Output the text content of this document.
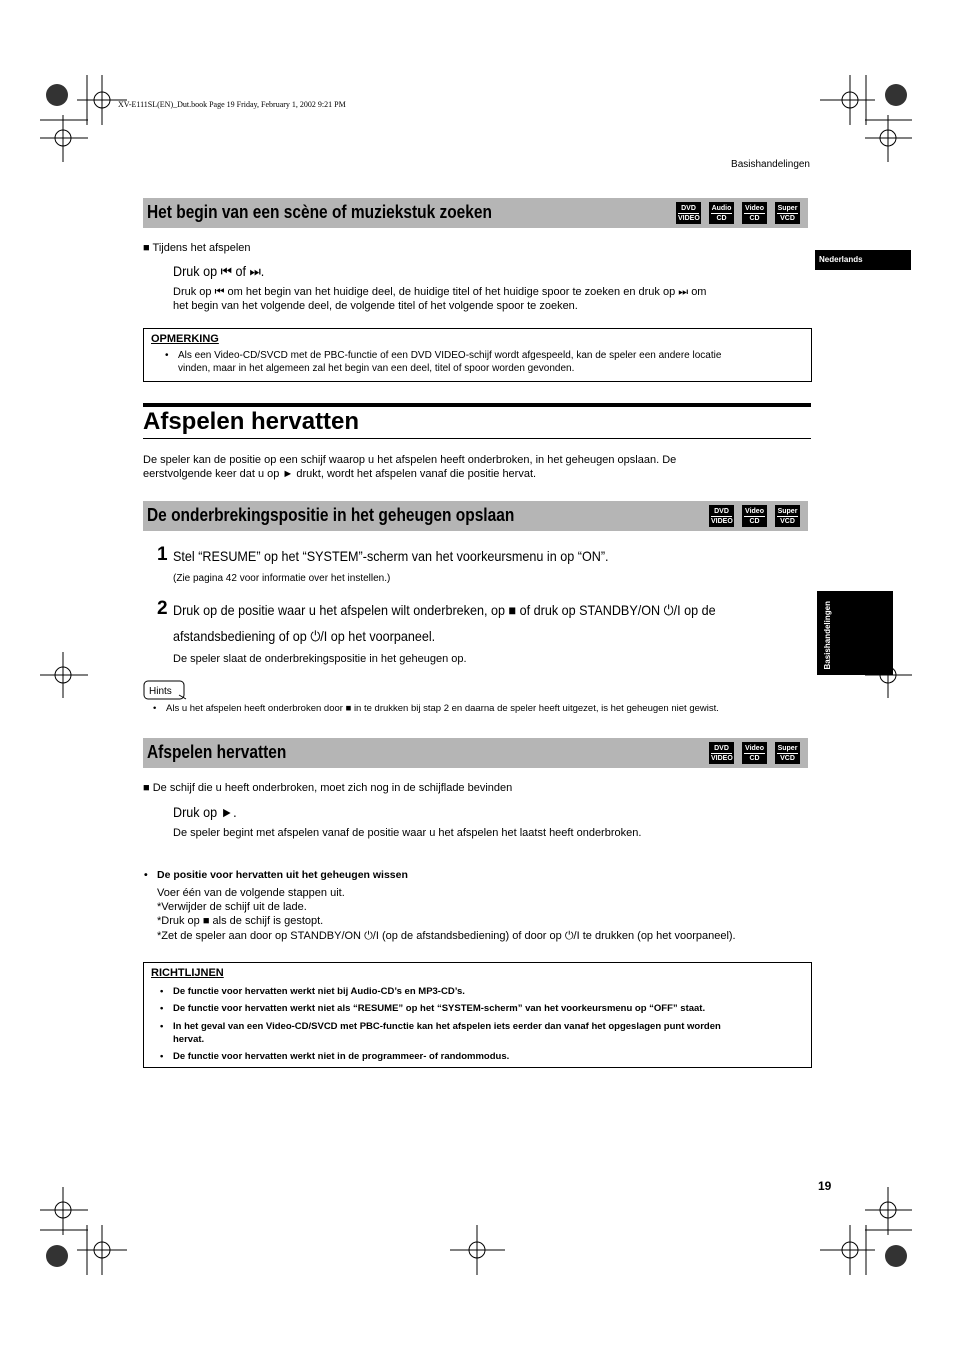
XV-E111SL(EN)_Dut.book Page 19 Friday, February 1, 2002 9:21 PM
Basishandelingen
Nederlands
Basishandelingen
Het begin van een scène of muziekstuk zoeken	DVD
VIDEO
Audio
CD
Video
CD
Super
VCD
■ Tijdens het afspelen
Druk op ⏮ of ⏭.
Druk op ⏮ om het begin van het huidige deel, de huidige titel of het huidige spoor te zoeken en druk op ⏭ om
het begin van het volgende deel, de volgende titel of het volgende spoor te zoeken.
OPMERKING
• Als een Video-CD/SVCD met de PBC-functie of een DVD VIDEO-schijf wordt afgespeeld, kan de speler een andere locatie
vinden, maar in het algemeen zal het begin van een deel, titel of spoor worden gevonden.
Afspelen hervatten
De speler kan de positie op een schijf waarop u het afspelen heeft onderbroken, in het geheugen opslaan. De
eerstvolgende keer dat u op ► drukt, wordt het afspelen vanaf die positie hervat.
De onderbrekingspositie in het geheugen opslaan	DVD
VIDEO
Video
CD
Super
VCD
1 Stel “RESUME” op het “SYSTEM”-scherm van het voorkeursmenu in op “ON”.
(Zie pagina 42 voor informatie over het instellen.)
2 Druk op de positie waar u het afspelen wilt onderbreken, op ■ of druk op STANDBY/ON ⏻/I op de
afstandsbediening of op ⏻/I op het voorpaneel.
De speler slaat de onderbrekingspositie in het geheugen op.
Hints
• Als u het afspelen heeft onderbroken door ■ in te drukken bij stap 2 en daarna de speler heeft uitgezet, is het geheugen niet gewist.
Afspelen hervatten	DVD
VIDEO
Video
CD
Super
VCD
■ De schijf die u heeft onderbroken, moet zich nog in de schijflade bevinden
Druk op ►.
De speler begint met afspelen vanaf de positie waar u het afspelen het laatst heeft onderbroken.
• De positie voor hervatten uit het geheugen wissen
Voer één van de volgende stappen uit.
*Verwijder de schijf uit de lade.
*Druk op ■ als de schijf is gestopt.
*Zet de speler aan door op STANDBY/ON ⏻/I (op de afstandsbediening) of door op ⏻/I te drukken (op het voorpaneel).
RICHTLIJNEN
• De functie voor hervatten werkt niet bij Audio-CD’s en MP3-CD’s.
• De functie voor hervatten werkt niet als “RESUME” op het “SYSTEM-scherm” van het voorkeursmenu op “OFF” staat.
• In het geval van een Video-CD/SVCD met PBC-functie kan het afspelen iets eerder dan vanaf het opgeslagen punt worden
hervat.
• De functie voor hervatten werkt niet in de programmeer- of randommodus.
19
